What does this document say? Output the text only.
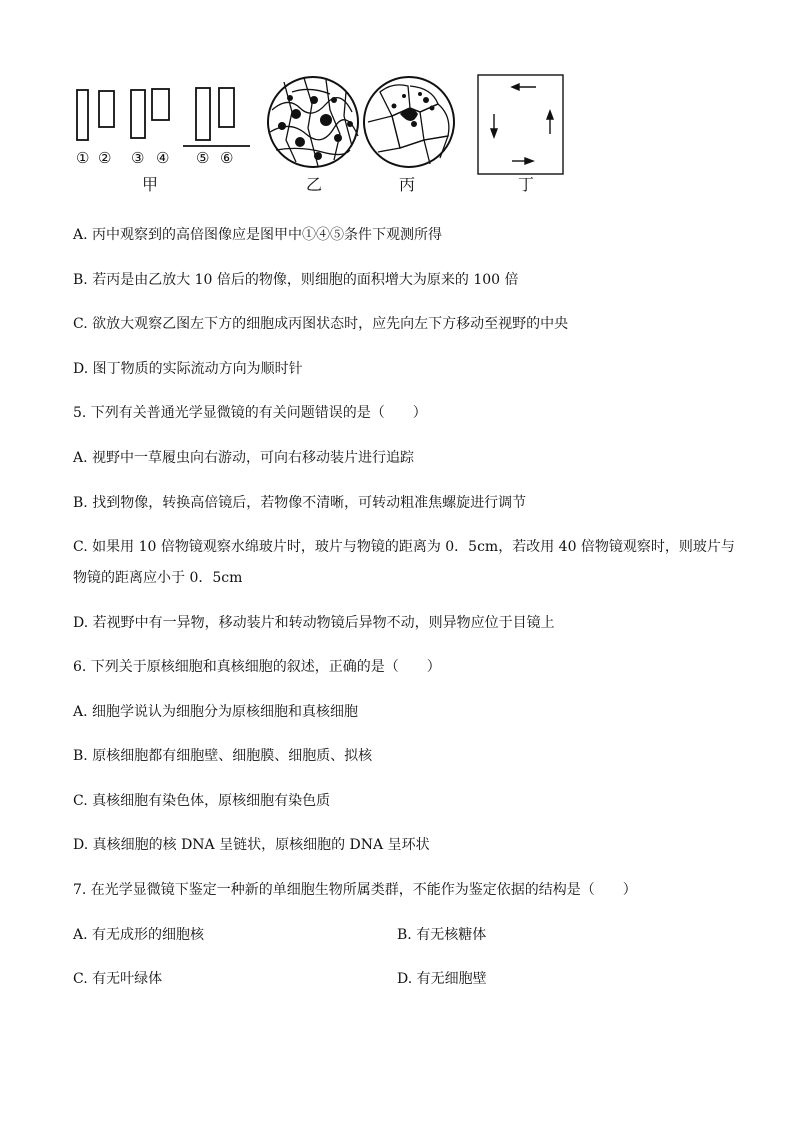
① ② ③ ④ ⑤ ⑥
甲	乙	丙	丁
A. 丙中观察到的高倍图像应是图甲中①④⑤条件下观测所得
B. 若丙是由乙放大 10 倍后的物像，则细胞的面积增大为原来的 100 倍
C. 欲放大观察乙图左下方的细胞成丙图状态时，应先向左下方移动至视野的中央
D. 图丁物质的实际流动方向为顺时针
5. 下列有关普通光学显微镜的有关问题错误的是（　　）
A. 视野中一草履虫向右游动，可向右移动装片进行追踪
B. 找到物像，转换高倍镜后，若物像不清晰，可转动粗准焦螺旋进行调节
C. 如果用 10 倍物镜观察水绵玻片时，玻片与物镜的距离为 0．5cm，若改用 40 倍物镜观察时，则玻片与
物镜的距离应小于 0．5cm
D. 若视野中有一异物，移动装片和转动物镜后异物不动，则异物应位于目镜上
6. 下列关于原核细胞和真核细胞的叙述，正确的是（　　）
A. 细胞学说认为细胞分为原核细胞和真核细胞
B. 原核细胞都有细胞壁、细胞膜、细胞质、拟核
C. 真核细胞有染色体，原核细胞有染色质
D. 真核细胞的核 DNA 呈链状，原核细胞的 DNA 呈环状
7. 在光学显微镜下鉴定一种新的单细胞生物所属类群，不能作为鉴定依据的结构是（　　）
A. 有无成形的细胞核	B. 有无核糖体
C. 有无叶绿体	D. 有无细胞壁
